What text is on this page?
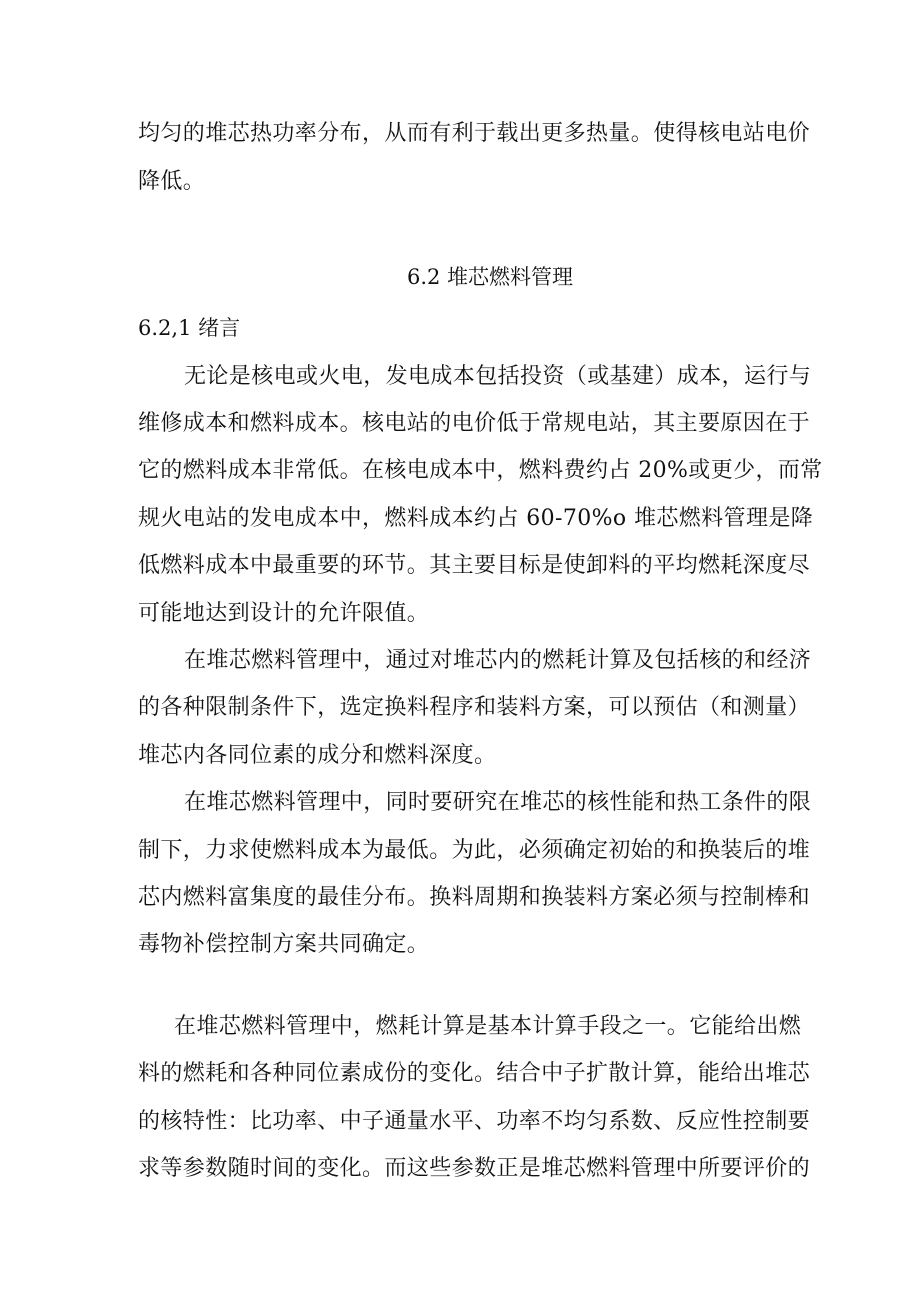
均匀的堆芯热功率分布，从而有利于载出更多热量。使得核电站电价
降低。
6.2 堆芯燃料管理
6.2,1 绪言
无论是核电或火电，发电成本包括投资（或基建）成本，运行与
维修成本和燃料成本。核电站的电价低于常规电站，其主要原因在于
它的燃料成本非常低。在核电成本中，燃料费约占 20%或更少，而常
规火电站的发电成本中，燃料成本约占 60-70%o 堆芯燃料管理是降
低燃料成本中最重要的环节。其主要目标是使卸料的平均燃耗深度尽
可能地达到设计的允许限值。
在堆芯燃料管理中，通过对堆芯内的燃耗计算及包括核的和经济
的各种限制条件下，选定换料程序和装料方案，可以预估（和测量）
堆芯内各同位素的成分和燃料深度。
在堆芯燃料管理中，同时要研究在堆芯的核性能和热工条件的限
制下，力求使燃料成本为最低。为此，必须确定初始的和换装后的堆
芯内燃料富集度的最佳分布。换料周期和换装料方案必须与控制棒和
毒物补偿控制方案共同确定。
在堆芯燃料管理中，燃耗计算是基本计算手段之一。它能给出燃
料的燃耗和各种同位素成份的变化。结合中子扩散计算，能给出堆芯
的核特性：比功率、中子通量水平、功率不均匀系数、反应性控制要
求等参数随时间的变化。而这些参数正是堆芯燃料管理中所要评价的
